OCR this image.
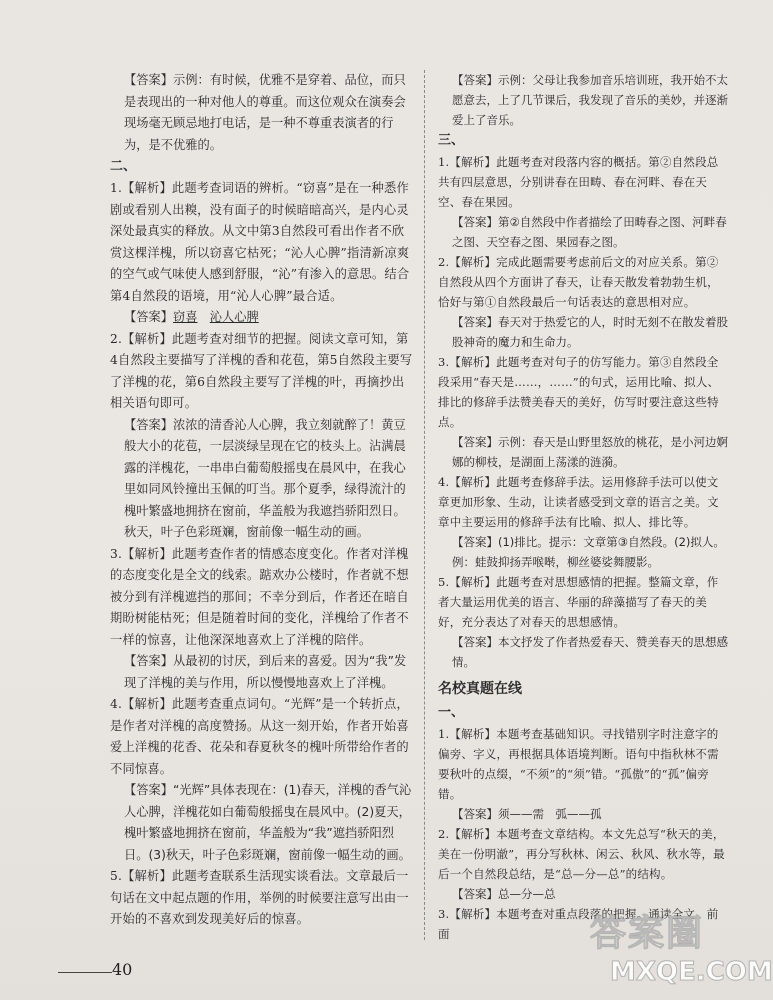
【答案】示例：有时候，优雅不是穿着、品位，而只是表现出的一种对他人的尊重。而这位观众在演奏会现场毫无顾忌地打电话，是一种不尊重表演者的行为，是不优雅的。

二、

1.【解析】此题考查词语的辨析。“窃喜”是在一种悉作剧或看别人出糗，没有面子的时候暗暗高兴，是内心灵深处最真实的释放。从文中第3自然段可看出作者不欣赏这棵洋槐，所以窃喜它枯死；“沁人心脾”指清新凉爽的空气或气味使人感到舒服，“沁”有渗入的意思。结合第4自然段的语境，用“沁人心脾”最合适。

【答案】窃喜　 沁人心脾

2.【解析】此题考查对细节的把握。阅读文章可知，第4自然段主要描写了洋槐的香和花苞，第5自然段主要写了洋槐的花，第6自然段主要写了洋槐的叶，再摘抄出相关语句即可。

【答案】浓浓的清香沁人心脾，我立刻就醉了！黄豆般大小的花苞，一层淡绿呈现在它的枝头上。沾满晨露的洋槐花，一串串白葡萄般摇曳在晨风中，在我心里如同风铃撞出玉佩的叮当。那个夏季，绿得流汁的槐叶繁盛地拥挤在窗前，华盖般为我遮挡骄阳烈日。 秋天，叶子色彩斑斓，窗前像一幅生动的画。

3.【解析】此题考查作者的情感态度变化。作者对洋槐的态度变化是全文的线索。踮欢办公楼时，作者就不想被分到有洋槐遮挡的那间；不幸分到后，作者还在暗自期盼树能枯死；但是随着时间的变化，洋槐给了作者不一样的惊喜，让他深深地喜欢上了洋槐的陪伴。

【答案】从最初的讨厌，到后来的喜爱。因为“我”发现了洋槐的美与作用，所以慢慢地喜欢上了洋槐。

4.【解析】此题考查重点词句。“光辉”是一个转折点，是作者对洋槐的高度赞扬。从这一刻开始，作者开始喜爱上洋槐的花香、花朵和春夏秋冬的槐叶所带给作者的不同惊喜。

【答案】“光辉”具体表现在：(1)春天，洋槐的香气沁人心脾，洋槐花如白葡萄般摇曳在晨风中。(2)夏天，槐叶繁盛地拥挤在窗前，华盖般为“我”遮挡骄阳烈日。(3)秋天，叶子色彩斑斓，窗前像一幅生动的画。

5.【解析】此题考查联系生活现实谈看法。文章最后一句话在文中起点题的作用，举例的时候要注意写出由一开始的不喜欢到发现美好后的惊喜。

【答案】示例：父母让我参加音乐培训班，我开始不太愿意去，上了几节课后，我发现了音乐的美妙，并逐渐爱上了音乐。

三、

1.【解析】此题考查对段落内容的概括。第②自然段总共有四层意思，分别讲春在田畴、春在河畔、春在天空、春在果园。

【答案】第②自然段中作者描绘了田畴春之图、河畔春之图、天空春之图、果园春之图。

2.【解析】完成此题需要考虑前后文的对应关系。第②自然段从四个方面讲了春天，让春天散发着勃勃生机，恰好与第①自然段最后一句话表达的意思相对应。

【答案】春天对于热爱它的人，时时无刻不在散发着股股神奇的魔力和生命力。

3.【解析】此题考查对句子的仿写能力。第③自然段全段采用“春天是……，……”的句式，运用比喻、拟人、排比的修辞手法赞美春天的美好，仿写时要注意这些特点。

【答案】示例：春天是山野里怒放的桃花，是小河边婀娜的柳枝，是湖面上荡漾的涟漪。

4.【解析】此题考查修辞手法。运用修辞手法可以使文章更加形象、生动，让读者感受到文章的语言之美。文章中主要运用的修辞手法有比喻、拟人、排比等。

【答案】(1)排比。提示：文章第③自然段。(2)拟人。例：蛙鼓抑扬弄喉啭，柳丝婆娑舞腰影。

5.【解析】此题考查对思想感情的把握。整篇文章，作者大量运用优美的语言、华丽的辞藻描写了春天的美好，充分表达了对春天的思想感情。

【答案】本文抒发了作者热爱春天、赞美春天的思想感情。

名校真题在线

一、

1.【解析】本题考查基础知识。寻找错别字时注意字的偏旁、字义，再根据具体语境判断。语句中指秋林不需要秋叶的点缀，“不须”的“须”错。“孤傲”的“孤”偏旁错。

【答案】须——需　弧——孤

2.【解析】本题考查文章结构。本文先总写“秋天的美，美在一份明澈”，再分写秋林、闲云、秋风、秋水等，最后一个自然段总结，是“总—分—总”的结构。

【答案】总—分—总

3.【解析】本题考查对重点段落的把握。通读全文，前面

40
答案圈
MXQE.COM
